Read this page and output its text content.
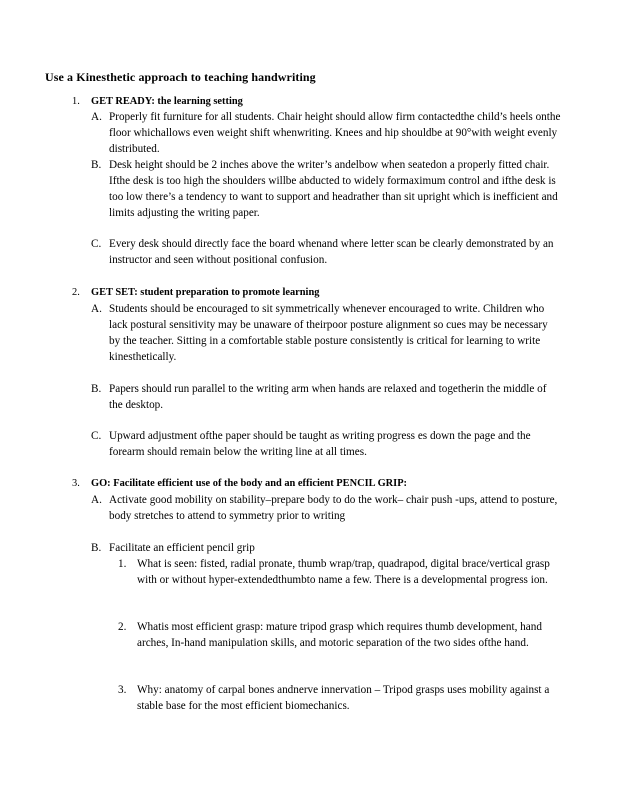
Use a Kinesthetic approach to teaching handwriting
1. GET READY: the learning setting
A. Properly fit furniture for all students. Chair height should allow firm contactedthe child’s heels onthe floor whichallows even weight shift whenwriting. Knees and hip shouldbe at 90°with weight evenly distributed.
B. Desk height should be 2 inches above the writer’s andelbow when seatedon a properly fitted chair. Ifthe desk is too high the shoulders willbe abducted to widely formaximum control and ifthe desk is too low there’s a tendency to want to support and headrather than sit upright which is inefficient and limits adjusting the writing paper.
C. Every desk should directly face the board whenand where letter scan be clearly demonstrated by an instructor and seen without positional confusion.
2. GET SET: student preparation to promote learning
A. Students should be encouraged to sit symmetrically whenever encouraged to write. Children who lack postural sensitivity may be unaware of theirpoor posture alignment so cues may be necessary by the teacher. Sitting in a comfortable stable posture consistently is critical for learning to write kinesthetically.
B. Papers should run parallel to the writing arm when hands are relaxed and togetherin the middle of the desktop.
C. Upward adjustment ofthe paper should be taught as writing progress es down the page and the forearm should remain below the writing line at all times.
3. GO: Facilitate efficient use of the body and an efficient PENCIL GRIP:
A. Activate good mobility on stability–prepare body to do the work– chair push -ups, attend to posture, body stretches to attend to symmetry prior to writing
B. Facilitate an efficient pencil grip
1. What is seen: fisted, radial pronate, thumb wrap/trap, quadrapod, digital brace/vertical grasp with or without hyper-extendedthumbto name a few. There is a developmental progress ion.
2. Whatis most efficient grasp: mature tripod grasp which requires thumb development, hand arches, In-hand manipulation skills, and motoric separation of the two sides ofthe hand.
3. Why: anatomy of carpal bones andnerve innervation – Tripod grasps uses mobility against a stable base for the most efficient biomechanics.
